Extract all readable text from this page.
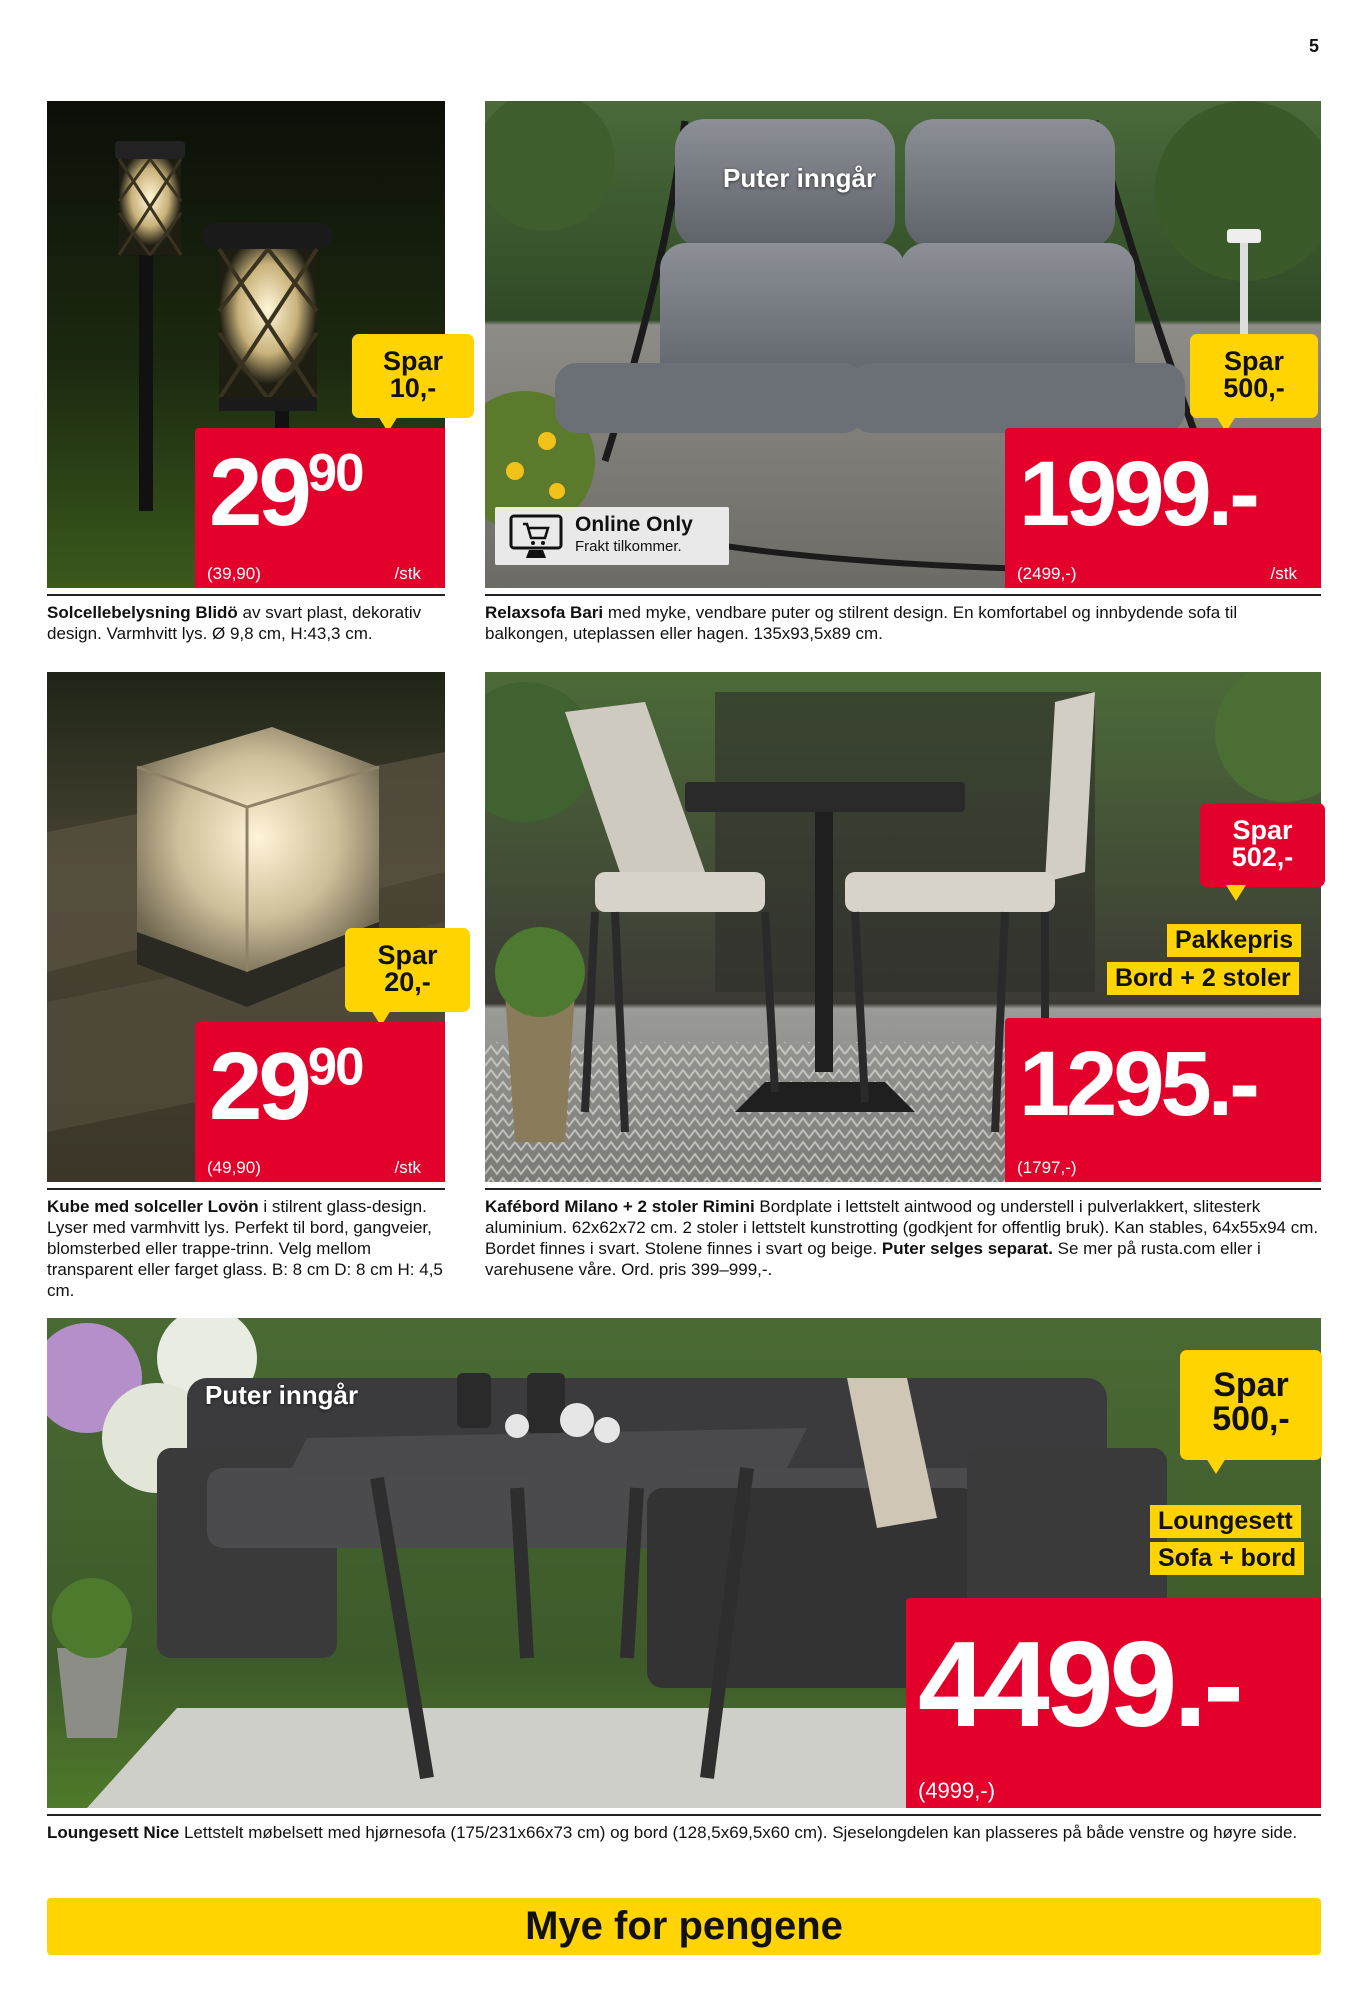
5
Spar
10,-
$29^{90}$
(39,90)	/stk
Solcellebelysning Blidö av svart plast, dekorativ design. Varmhvitt lys. Ø 9,8 cm, H:43,3 cm.
Puter inngår
Online Only
Frakt tilkommer.
Spar
500,-
1999.-
(2499,-)	/stk
Relaxsofa Bari med myke, vendbare puter og stilrent design. En komfortabel og innbydende sofa til balkongen, uteplassen eller hagen. 135x93,5x89 cm.
Spar
20,-
$29^{90}$
(49,90)	/stk
Kube med solceller Lovön i stilrent glass-design. Lyser med varmhvitt lys. Perfekt til bord, gangveier, blomsterbed eller trappe-trinn. Velg mellom transparent eller farget glass. B: 8 cm D: 8 cm H: 4,5 cm.
Spar
502,-
Pakkepris
Bord + 2 stoler
1295.-
(1797,-)
Kafébord Milano + 2 stoler Rimini Bordplate i lettstelt aintwood og understell i pulverlakkert, slitesterk aluminium. 62x62x72 cm. 2 stoler i lettstelt kunstrotting (godkjent for offentlig bruk). Kan stables, 64x55x94 cm. Bordet finnes i svart. Stolene finnes i svart og beige. Puter selges separat. Se mer på rusta.com eller i varehusene våre. Ord. pris 399–999,-.
Puter inngår	Spar
500,-
Loungesett
Sofa + bord
4499.-
(4999,-)
Loungesett Nice Lettstelt møbelsett med hjørnesofa (175/231x66x73 cm) og bord (128,5x69,5x60 cm). Sjeselongdelen kan plasseres på både venstre og høyre side.
Mye for pengene
